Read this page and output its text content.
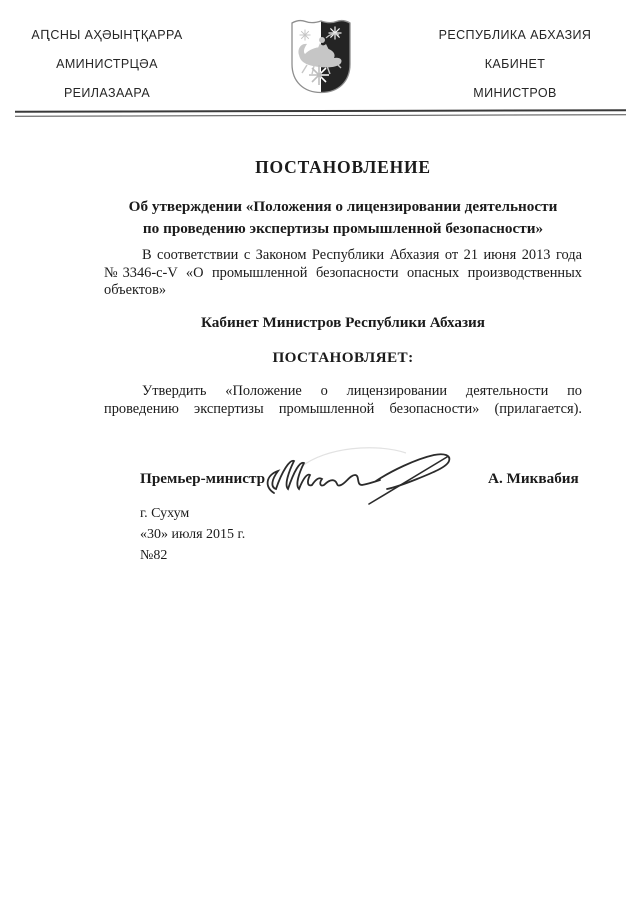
АԤСНЫ АҲӘЫНҬҚАРРА
АМИНИСТРЦӘА
РЕИЛАЗААРА
РЕСПУБЛИКА АБХАЗИЯ
КАБИНЕТ
МИНИСТРОВ
ПОСТАНОВЛЕНИЕ
Об утверждении «Положения о лицензировании деятельности
по проведению экспертизы промышленной безопасности»

В соответствии с Законом Республики Абхазия от 21 июня 2013 года
№3346-с-V «О промышленной безопасности опасных производственных
объектов»

Кабинет Министров Республики Абхазия
ПОСТАНОВЛЯЕТ:

Утвердить «Положение о лицензировании деятельности по
проведению экспертизы промышленной безопасности» (прилагается).

Премьер-министр	А. Миквабия
г. Сухум
«30» июля 2015 г.
№82
